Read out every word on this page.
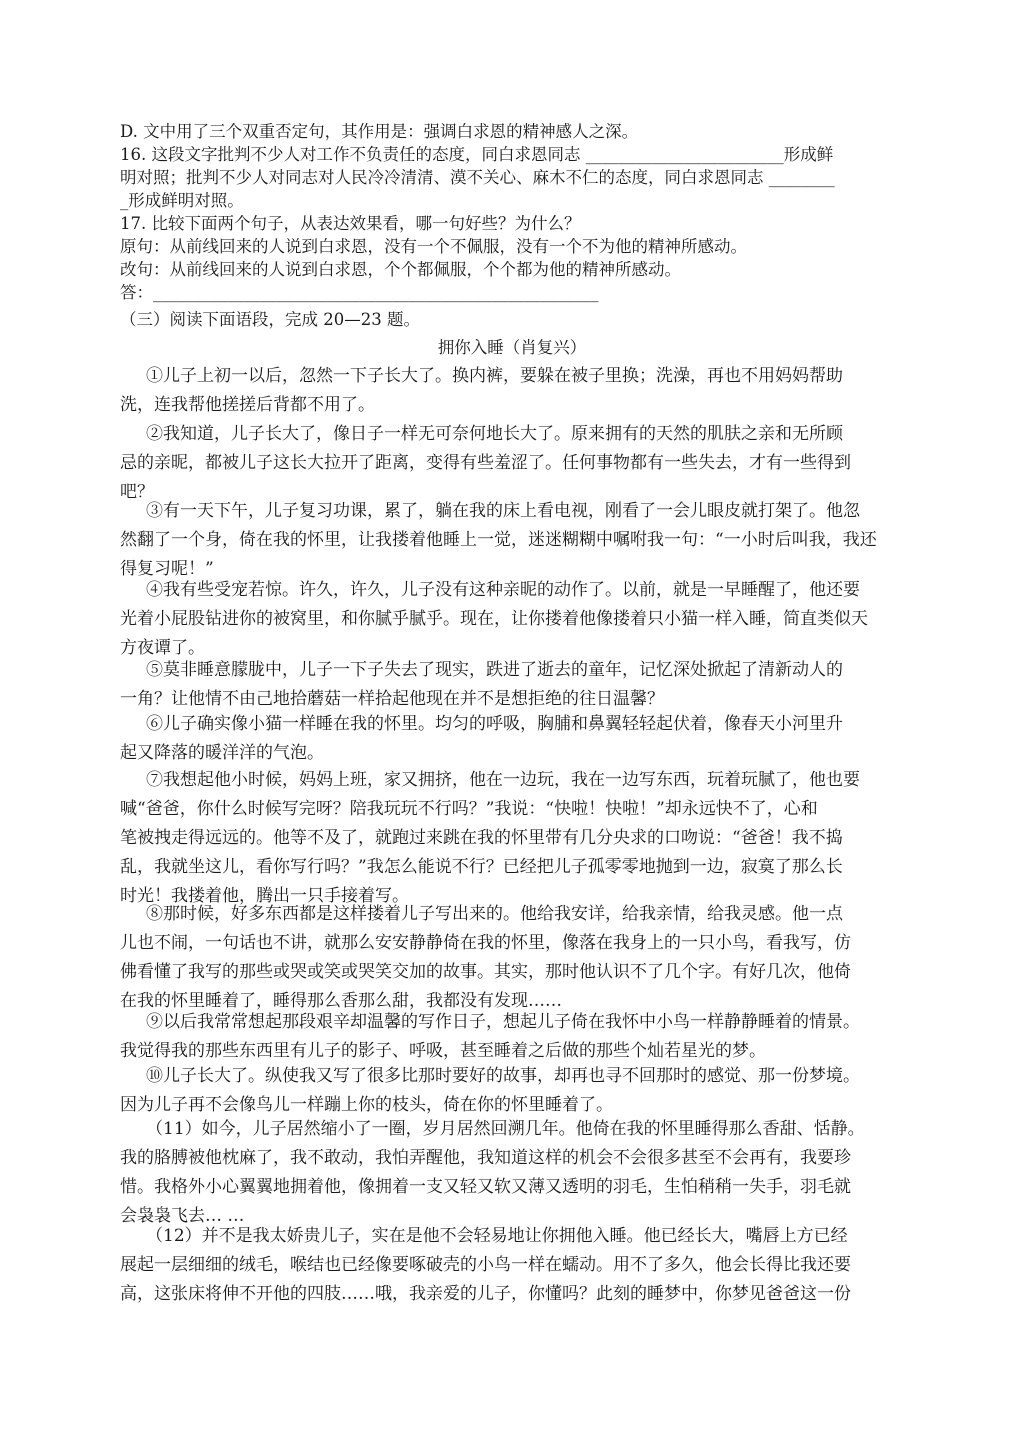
D. 文中用了三个双重否定句，其作用是：强调白求恩的精神感人之深。
16. 这段文字批判不少人对工作不负责任的态度，同白求恩同志 ________________________形成鲜
明对照；批判不少人对同志对人民冷冷清清、漠不关心、麻木不仁的态度，同白求恩同志 ________
_形成鲜明对照。
17. 比较下面两个句子，从表达效果看，哪一句好些？为什么？
原句：从前线回来的人说到白求恩，没有一个不佩服，没有一个不为他的精神所感动。
改句：从前线回来的人说到白求恩，个个都佩服，个个都为他的精神所感动。
答：______________________________________________________
（三）阅读下面语段，完成 20—23 题。
拥你入睡（肖复兴）
①儿子上初一以后，忽然一下子长大了。换内裤，要躲在被子里换；洗澡，再也不用妈妈帮助
洗，连我帮他搓搓后背都不用了。
②我知道，儿子长大了，像日子一样无可奈何地长大了。原来拥有的天然的肌肤之亲和无所顾
忌的亲昵，都被儿子这长大拉开了距离，变得有些羞涩了。任何事物都有一些失去，才有一些得到
吧？
③有一天下午，儿子复习功课，累了，躺在我的床上看电视，刚看了一会儿眼皮就打架了。他忽
然翻了一个身，倚在我的怀里，让我搂着他睡上一觉，迷迷糊糊中嘱咐我一句：“一小时后叫我，我还
得复习呢！”
④我有些受宠若惊。许久，许久，儿子没有这种亲昵的动作了。以前，就是一早睡醒了，他还要
光着小屁股钻进你的被窝里，和你腻乎腻乎。现在，让你搂着他像搂着只小猫一样入睡，简直类似天
方夜谭了。
⑤莫非睡意朦胧中，儿子一下子失去了现实，跌进了逝去的童年，记忆深处掀起了清新动人的
一角？让他情不由己地拾蘑菇一样拾起他现在并不是想拒绝的往日温馨？
⑥儿子确实像小猫一样睡在我的怀里。均匀的呼吸，胸脯和鼻翼轻轻起伏着，像春天小河里升
起又降落的暖洋洋的气泡。
⑦我想起他小时候，妈妈上班，家又拥挤，他在一边玩，我在一边写东西，玩着玩腻了，他也要
喊“爸爸，你什么时候写完呀？陪我玩玩不行吗？”我说：“快啦！快啦！”却永远快不了，心和
笔被拽走得远远的。他等不及了，就跑过来跳在我的怀里带有几分央求的口吻说：“爸爸！我不捣
乱，我就坐这儿，看你写行吗？”我怎么能说不行？已经把儿子孤零零地抛到一边，寂寞了那么长
时光！我搂着他，腾出一只手接着写。
⑧那时候，好多东西都是这样搂着儿子写出来的。他给我安详，给我亲情，给我灵感。他一点
儿也不闹，一句话也不讲，就那么安安静静倚在我的怀里，像落在我身上的一只小鸟，看我写，仿
佛看懂了我写的那些或哭或笑或哭笑交加的故事。其实，那时他认识不了几个字。有好几次，他倚
在我的怀里睡着了，睡得那么香那么甜，我都没有发现……
⑨以后我常常想起那段艰辛却温馨的写作日子，想起儿子倚在我怀中小鸟一样静静睡着的情景。
我觉得我的那些东西里有儿子的影子、呼吸，甚至睡着之后做的那些个灿若星光的梦。
⑩儿子长大了。纵使我又写了很多比那时要好的故事，却再也寻不回那时的感觉、那一份梦境。
因为儿子再不会像鸟儿一样蹦上你的枝头，倚在你的怀里睡着了。
（11）如今，儿子居然缩小了一圈，岁月居然回溯几年。他倚在我的怀里睡得那么香甜、恬静。
我的胳膊被他枕麻了，我不敢动，我怕弄醒他，我知道这样的机会不会很多甚至不会再有，我要珍
惜。我格外小心翼翼地拥着他，像拥着一支又轻又软又薄又透明的羽毛，生怕稍稍一失手，羽毛就
会袅袅飞去… …
（12）并不是我太娇贵儿子，实在是他不会轻易地让你拥他入睡。他已经长大，嘴唇上方已经
展起一层细细的绒毛，喉结也已经像要啄破壳的小鸟一样在蠕动。用不了多久，他会长得比我还要
高，这张床将伸不开他的四肢……哦，我亲爱的儿子，你懂吗？此刻的睡梦中，你梦见爸爸这一份
